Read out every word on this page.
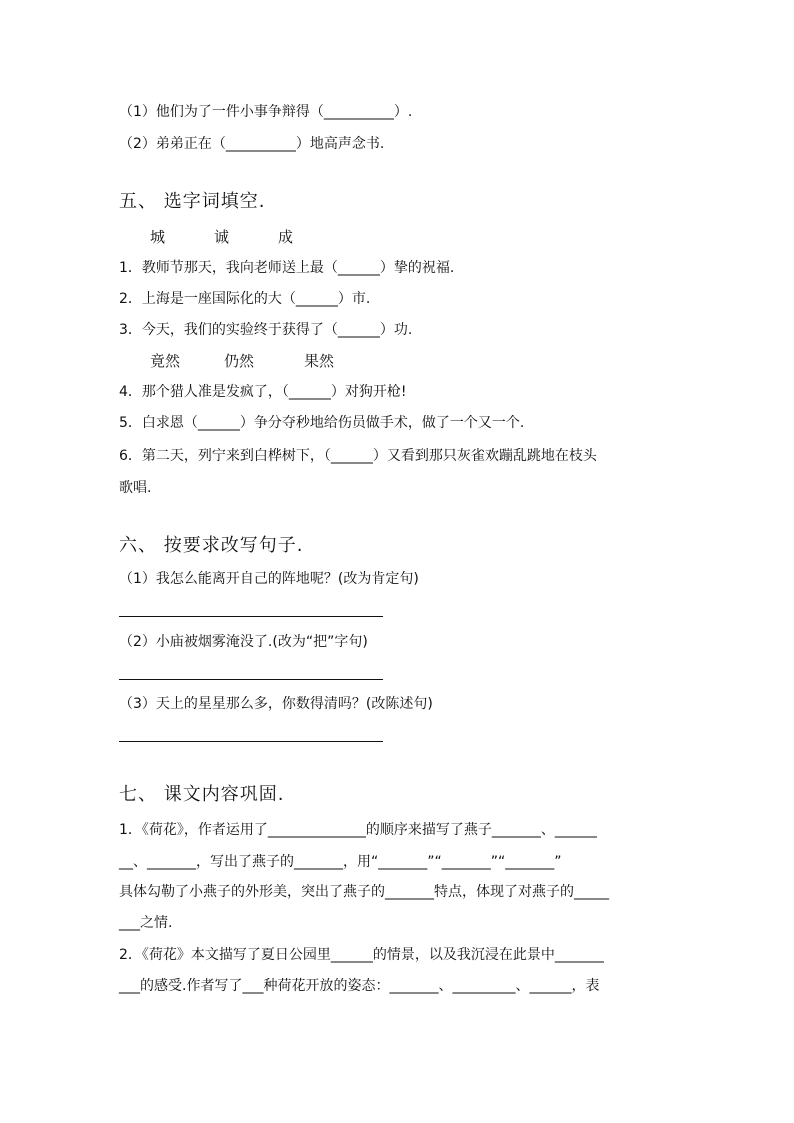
（1）他们为了一件小事争辩得（__________）.
（2）弟弟正在（__________）地高声念书.
五、 选字词填空.
城	诚	成
1．教师节那天，我向老师送上最（______）挚的祝福.
2．上海是一座国际化的大（______）市.
3．今天，我们的实验终于获得了（______）功.
竟然	仍然	果然
4．那个猎人准是发疯了，（______）对狗开枪!
5．白求恩（______）争分夺秒地给伤员做手术，做了一个又一个.
6．第二天，列宁来到白桦树下，（______）又看到那只灰雀欢蹦乱跳地在枝头
歌唱.
六、 按要求改写句子.
（1）我怎么能离开自己的阵地呢？(改为肯定句)
（2）小庙被烟雾淹没了.(改为“把”字句)
（3）天上的星星那么多，你数得清吗？(改陈述句)
七、 课文内容巩固.
1．《荷花》，作者运用了______________的顺序来描写了燕子_______、______
__、_______，写出了燕子的_______，用“_______”“_______”“_______”
具体勾勒了小燕子的外形美，突出了燕子的_______特点，体现了对燕子的_____
___之情.
2．《荷花》本文描写了夏日公园里______的情景，以及我沉浸在此景中_______
___的感受.作者写了___种荷花开放的姿态：_______、_________、______，表
